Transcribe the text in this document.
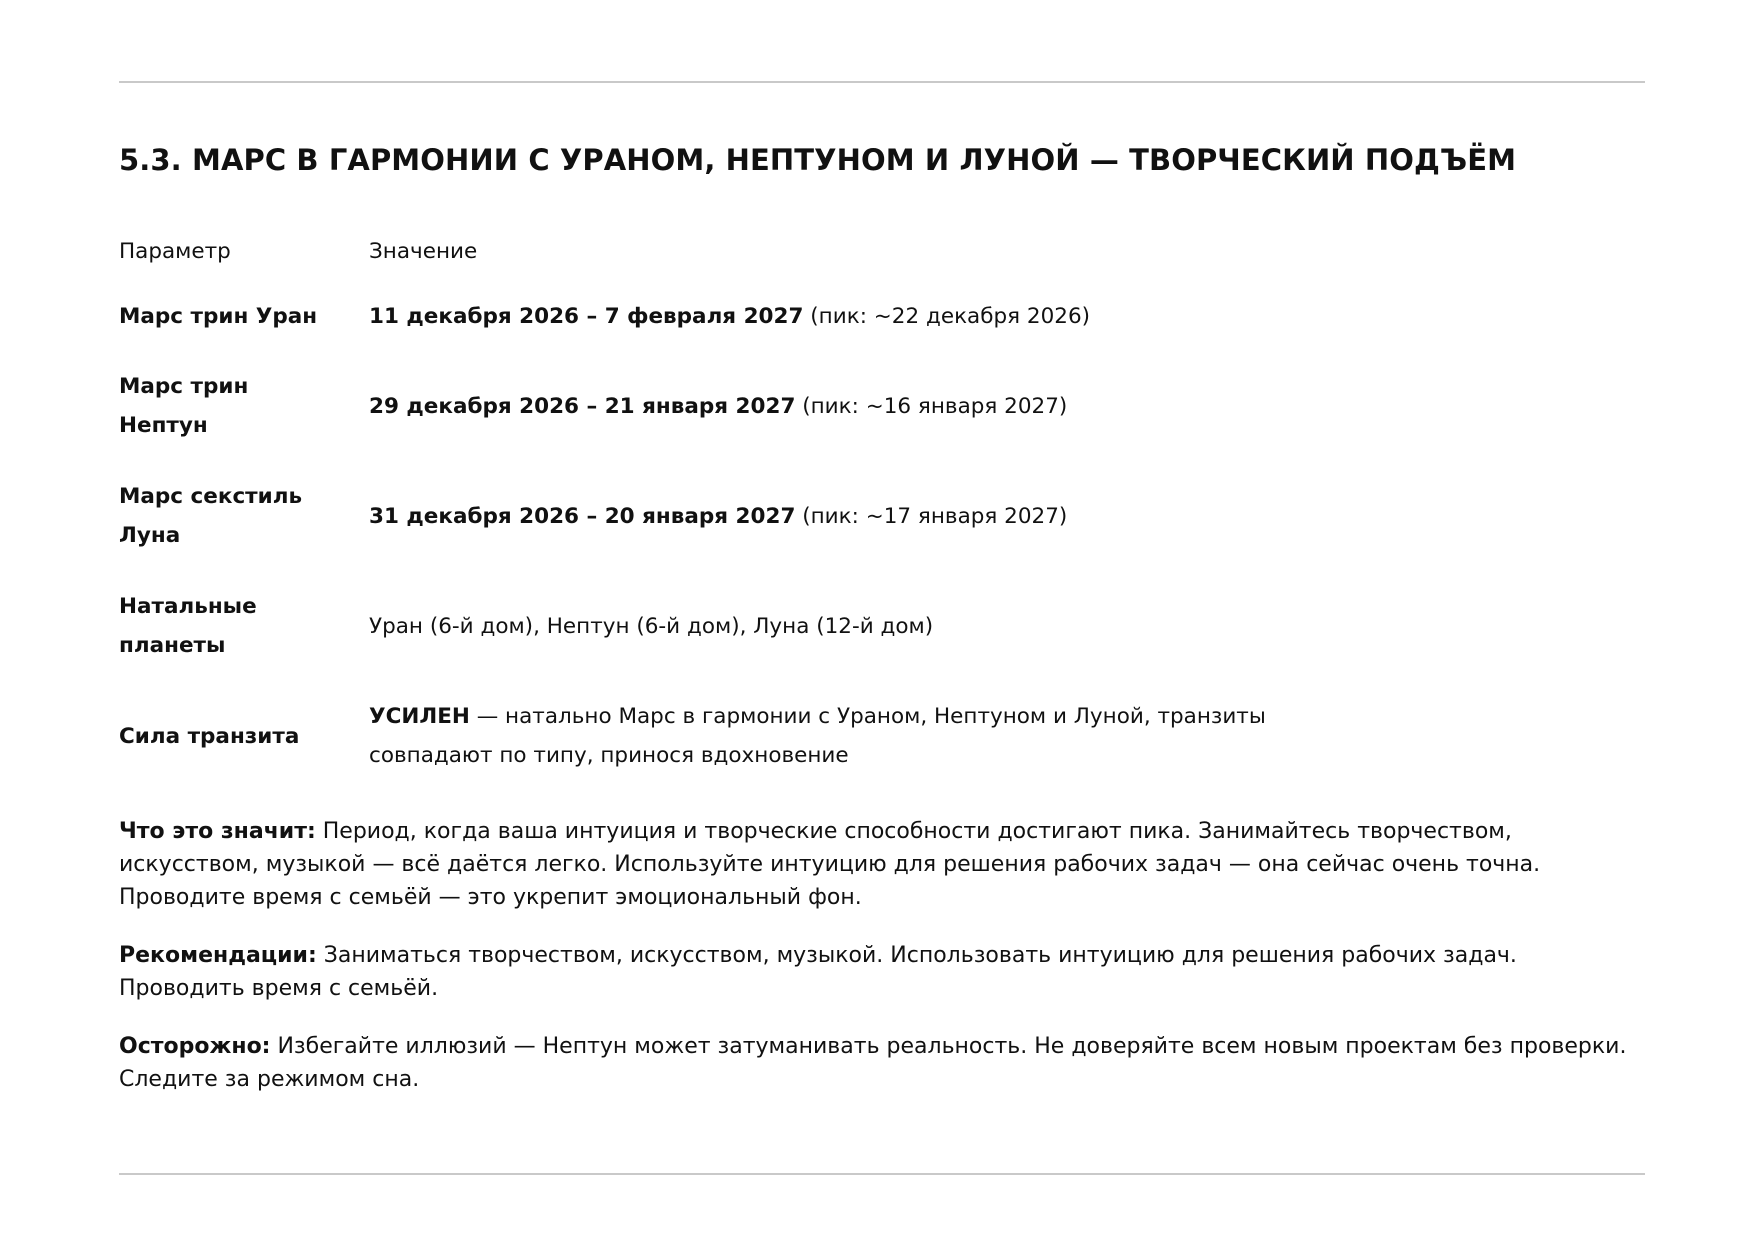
5.3. МАРС В ГАРМОНИИ С УРАНОМ, НЕПТУНОМ И ЛУНОЙ — ТВОРЧЕСКИЙ ПОДЪЁМ
Параметр	Значение
Марс трин Уран	11 декабря 2026 – 7 февраля 2027 (пик: ~22 декабря 2026)
Марс трин Нептун
29 декабря 2026 – 21 января 2027 (пик: ~16 января 2027)
Марс секстиль Луна
31 декабря 2026 – 20 января 2027 (пик: ~17 января 2027)
Натальные планеты
Уран (6-й дом), Нептун (6-й дом), Луна (12-й дом)
Сила транзита
УСИЛЕН — натально Марс в гармонии с Ураном, Нептуном и Луной, транзиты совпадают по типу, принося вдохновение

Что это значит: Период, когда ваша интуиция и творческие способности достигают пика. Занимайтесь творчеством, искусством, музыкой — всё даётся легко. Используйте интуицию для решения рабочих задач — она сейчас очень точна. Проводите время с семьёй — это укрепит эмоциональный фон.

Рекомендации: Заниматься творчеством, искусством, музыкой. Использовать интуицию для решения рабочих задач. Проводить время с семьёй.

Осторожно: Избегайте иллюзий — Нептун может затуманивать реальность. Не доверяйте всем новым проектам без проверки. Следите за режимом сна.
